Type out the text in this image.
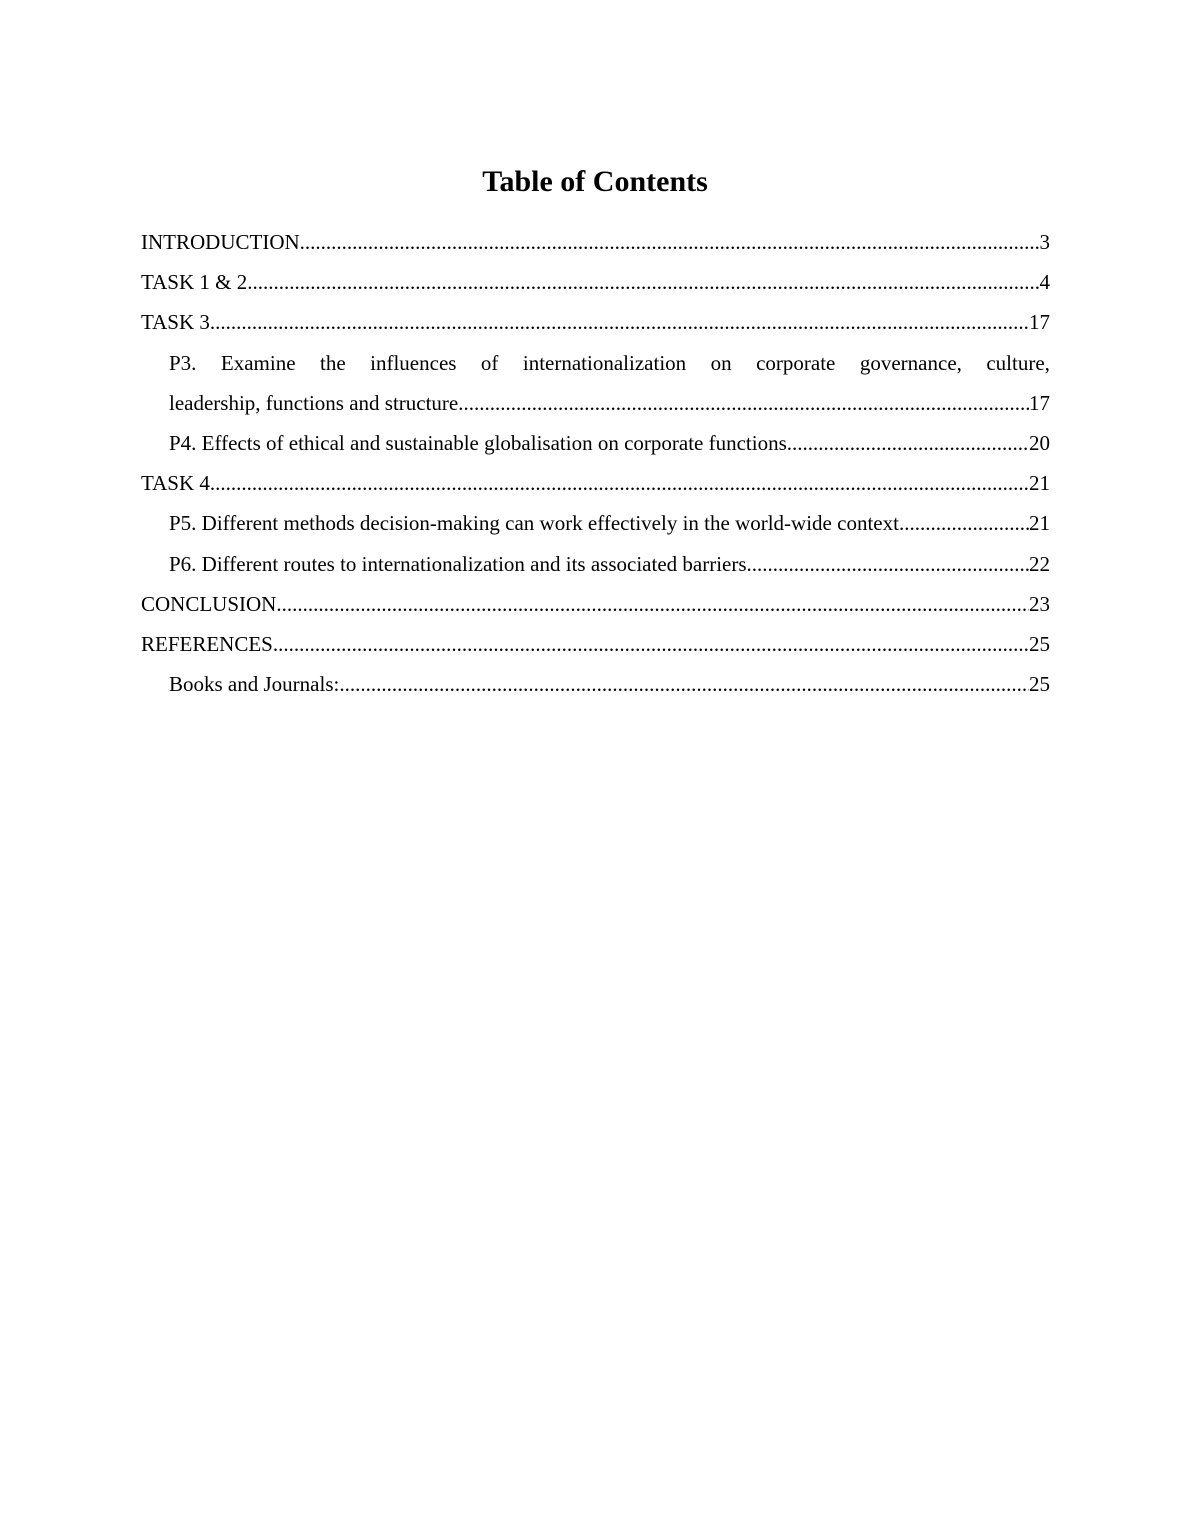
Table of Contents
INTRODUCTION .....	3
TASK 1 & 2 .....	4
TASK 3 .....	17
P3. Examine the influences of internationalization on corporate governance, culture,
leadership, functions and structure .....	17
P4. Effects of ethical and sustainable globalisation on corporate functions .....	20
TASK 4 .....	21
P5. Different methods decision-making can work effectively in the world-wide context .....	21
P6. Different routes to internationalization and its associated barriers .....	22
CONCLUSION .....	23
REFERENCES .....	25
Books and Journals: .....	25
